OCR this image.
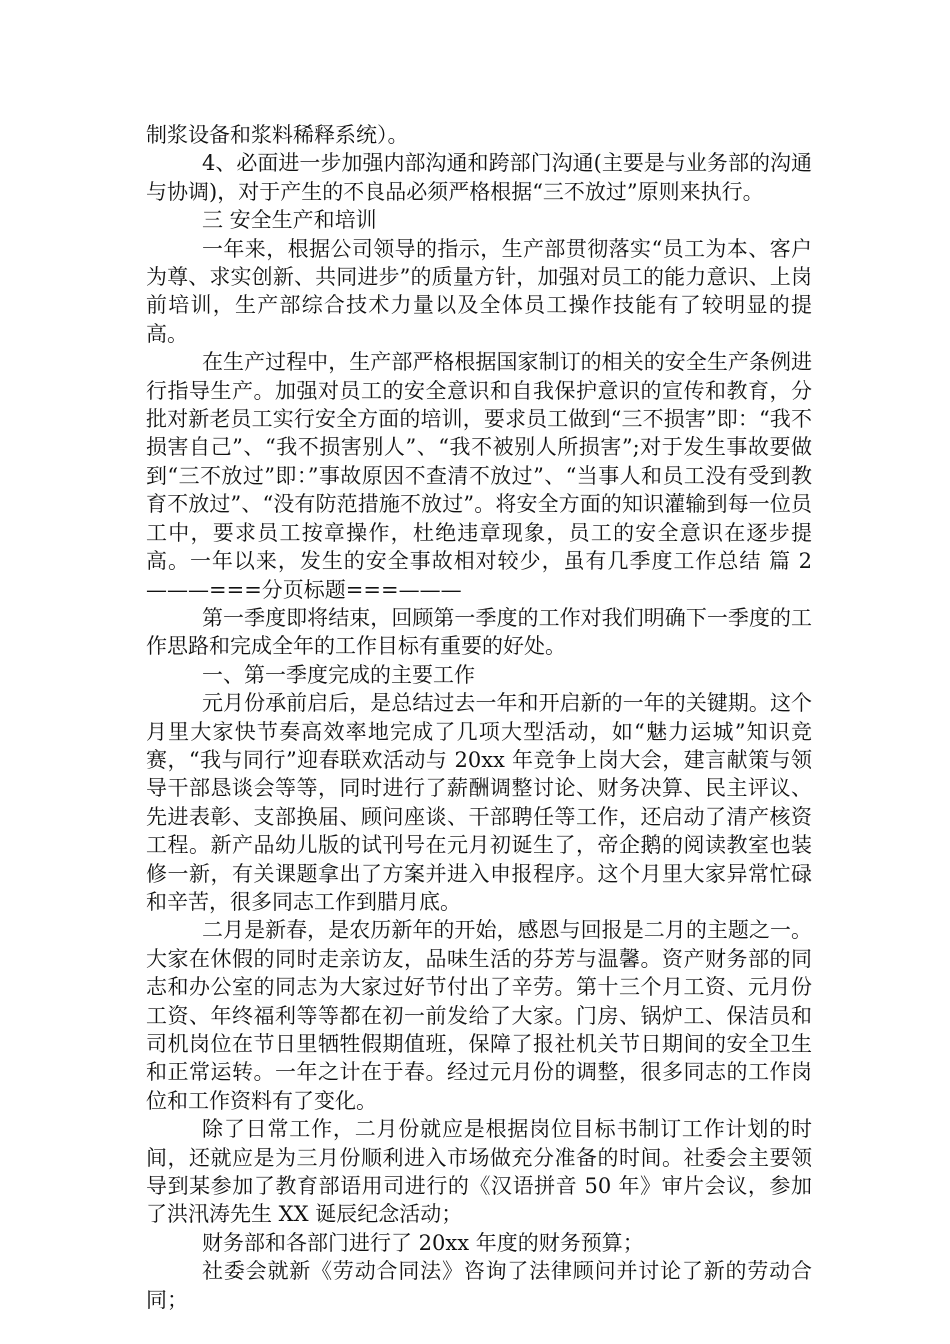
制浆设备和浆料稀释系统）。

4、必面进一步加强内部沟通和跨部门沟通(主要是与业务部的沟通与协调)，对于产生的不良品必须严格根据“三不放过”原则来执行。

三 安全生产和培训

一年来，根据公司领导的指示，生产部贯彻落实“员工为本、客户为尊、求实创新、共同进步”的质量方针，加强对员工的能力意识、上岗前培训，生产部综合技术力量以及全体员工操作技能有了较明显的提高。

在生产过程中，生产部严格根据国家制订的相关的安全生产条例进行指导生产。加强对员工的安全意识和自我保护意识的宣传和教育，分批对新老员工实行安全方面的培训，要求员工做到“三不损害”即：“我不损害自己”、“我不损害别人”、“我不被别人所损害”;对于发生事故要做到“三不放过”即：”事故原因不查清不放过”、“当事人和员工没有受到教育不放过”、“没有防范措施不放过”。将安全方面的知识灌输到每一位员工中，要求员工按章操作，杜绝违章现象，员工的安全意识在逐步提高。一年以来，发生的安全事故相对较少，虽有几季度工作总结 篇 2———===分页标题===———

第一季度即将结束，回顾第一季度的工作对我们明确下一季度的工作思路和完成全年的工作目标有重要的好处。

一、第一季度完成的主要工作

元月份承前启后，是总结过去一年和开启新的一年的关键期。这个月里大家快节奏高效率地完成了几项大型活动，如“魅力运城”知识竞赛，“我与同行”迎春联欢活动与 20xx 年竞争上岗大会，建言献策与领导干部恳谈会等等，同时进行了薪酬调整讨论、财务决算、民主评议、先进表彰、支部换届、顾问座谈、干部聘任等工作，还启动了清产核资工程。新产品幼儿版的试刊号在元月初诞生了，帝企鹅的阅读教室也装修一新，有关课题拿出了方案并进入申报程序。这个月里大家异常忙碌和辛苦，很多同志工作到腊月底。

二月是新春，是农历新年的开始，感恩与回报是二月的主题之一。大家在休假的同时走亲访友，品味生活的芬芳与温馨。资产财务部的同志和办公室的同志为大家过好节付出了辛劳。第十三个月工资、元月份工资、年终福利等等都在初一前发给了大家。门房、锅炉工、保洁员和司机岗位在节日里牺牲假期值班，保障了报社机关节日期间的安全卫生和正常运转。一年之计在于春。经过元月份的调整，很多同志的工作岗位和工作资料有了变化。

除了日常工作，二月份就应是根据岗位目标书制订工作计划的时间，还就应是为三月份顺利进入市场做充分准备的时间。社委会主要领导到某参加了教育部语用司进行的《汉语拼音 50 年》审片会议，参加了洪汛涛先生 XX 诞辰纪念活动；

财务部和各部门进行了 20xx 年度的财务预算；

社委会就新《劳动合同法》咨询了法律顾问并讨论了新的劳动合同；
